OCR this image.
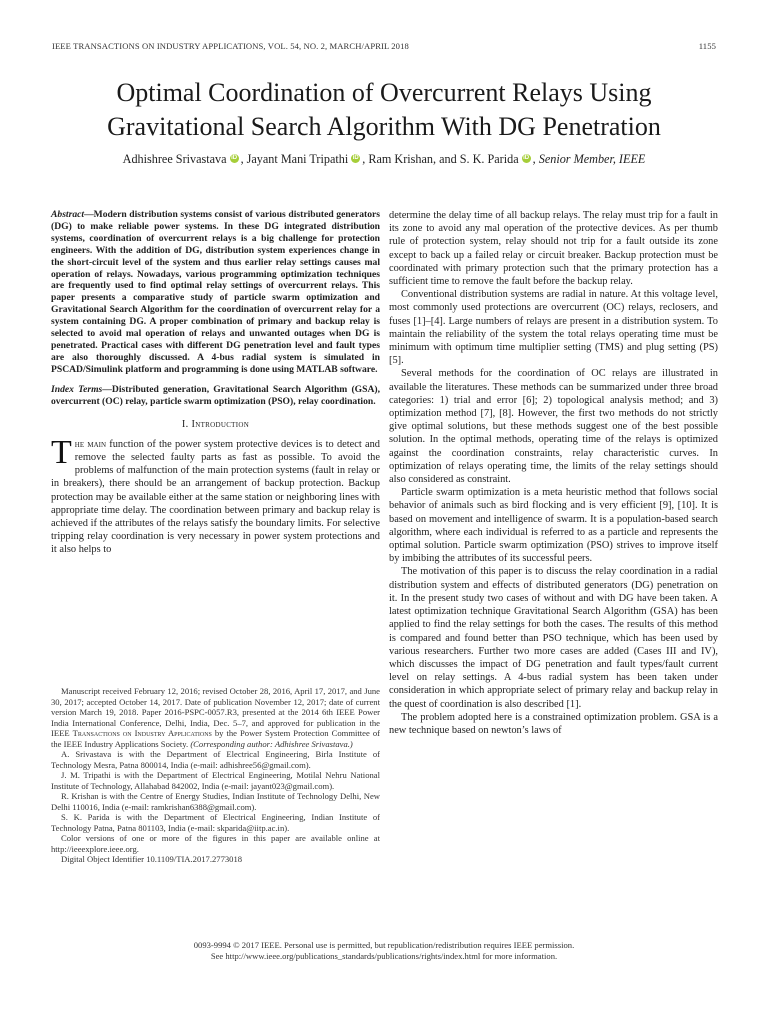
IEEE TRANSACTIONS ON INDUSTRY APPLICATIONS, VOL. 54, NO. 2, MARCH/APRIL 2018	1155
Optimal Coordination of Overcurrent Relays Using
Gravitational Search Algorithm With DG Penetration
Adhishree Srivastava iD , Jayant Mani Tripathi iD , Ram Krishan, and S. K. Parida iD , Senior Member, IEEE

Abstract—Modern distribution systems consist of various distributed generators (DG) to make reliable power systems. In these DG integrated distribution systems, coordination of overcurrent relays is a big challenge for protection engineers. With the addition of DG, distribution system experiences change in the short-circuit level of the system and thus earlier relay settings causes mal operation of relays. Nowadays, various programming optimization techniques are frequently used to find optimal relay settings of overcurrent relays. This paper presents a comparative study of particle swarm optimization and Gravitational Search Algorithm for the coordination of overcurrent relay for a system containing DG. A proper combination of primary and backup relay is selected to avoid mal operation of relays and unwanted outages when DG is penetrated. Practical cases with different DG penetration level and fault types are also thoroughly discussed. A 4-bus radial system is simulated in PSCAD/Simulink platform and programming is done using MATLAB software.

Index Terms—Distributed generation, Gravitational Search Algorithm (GSA), overcurrent (OC) relay, particle swarm optimization (PSO), relay coordination.

I. Introduction

The main function of the power system protective devices is to detect and remove the selected faulty parts as fast as possible. To avoid the problems of malfunction of the main protection systems (fault in relay or in breakers), there should be an arrangement of backup protection. Backup protection may be available either at the same station or neighboring lines with appropriate time delay. The coordination between primary and backup relay is achieved if the attributes of the relays satisfy the boundary limits. For selective tripping relay coordination is very necessary in power system protections and it also helps to

determine the delay time of all backup relays. The relay must trip for a fault in its zone to avoid any mal operation of the protective devices. As per thumb rule of protection system, relay should not trip for a fault outside its zone except to back up a failed relay or circuit breaker. Backup protection must be coordinated with primary protection such that the primary protection has a sufficient time to remove the fault before the backup relay.

Conventional distribution systems are radial in nature. At this voltage level, most commonly used protections are overcurrent (OC) relays, reclosers, and fuses [1]–[4]. Large numbers of relays are present in a distribution system. To maintain the reliability of the system the total relays operating time must be minimum with optimum time multiplier setting (TMS) and plug setting (PS) [5].

Several methods for the coordination of OC relays are illustrated in available the literatures. These methods can be summarized under three broad categories: 1) trial and error [6]; 2) topological analysis method; and 3) optimization method [7], [8]. However, the first two methods do not strictly give optimal solutions, but these methods suggest one of the best possible solution. In the optimal methods, operating time of the relays is optimized against the coordination constraints, relay characteristic curves. In optimization of relays operating time, the limits of the relay settings should also considered as constraint.

Particle swarm optimization is a meta heuristic method that follows social behavior of animals such as bird flocking and is very efficient [9], [10]. It is based on movement and intelligence of swarm. It is a population-based search algorithm, where each individual is referred to as a particle and represents the optimal solution. Particle swarm optimization (PSO) strives to improve itself by imbibing the attributes of its successful peers.

The motivation of this paper is to discuss the relay coordination in a radial distribution system and effects of distributed generators (DG) penetration on it. In the present study two cases of without and with DG have been taken. A latest optimization technique Gravitational Search Algorithm (GSA) has been applied to find the relay settings for both the cases. The results of this method is compared and found better than PSO technique, which has been used by various researchers. Further two more cases are added (Cases III and IV), which discusses the impact of DG penetration and fault types/fault current level on relay settings. A 4-bus radial system has been taken under consideration in which appropriate select of primary relay and backup relay in the quest of coordination is also described [1].

The problem adopted here is a constrained optimization problem. GSA is a new technique based on newton’s laws of

Manuscript received February 12, 2016; revised October 28, 2016, April 17, 2017, and June 30, 2017; accepted October 14, 2017. Date of publication November 12, 2017; date of current version March 19, 2018. Paper 2016-PSPC-0057.R3, presented at the 2014 6th IEEE Power India International Conference, Delhi, India, Dec. 5–7, and approved for publication in the IEEE Transactions on Industry Applications by the Power System Protection Committee of the IEEE Industry Applications Society. (Corresponding author: Adhishree Srivastava.)

A. Srivastava is with the Department of Electrical Engineering, Birla Institute of Technology Mesra, Patna 800014, India (e-mail: adhishree56@gmail.com).

J. M. Tripathi is with the Department of Electrical Engineering, Motilal Nehru National Institute of Technology, Allahabad 842002, India (e-mail: jayant023@gmail.com).

R. Krishan is with the Centre of Energy Studies, Indian Institute of Technology Delhi, New Delhi 110016, India (e-mail: ramkrishan6388@gmail.com).

S. K. Parida is with the Department of Electrical Engineering, Indian Institute of Technology Patna, Patna 801103, India (e-mail: skparida@iitp.ac.in).

Color versions of one or more of the figures in this paper are available online at http://ieeexplore.ieee.org.

Digital Object Identifier 10.1109/TIA.2017.2773018

0093-9994 © 2017 IEEE. Personal use is permitted, but republication/redistribution requires IEEE permission.
See http://www.ieee.org/publications_standards/publications/rights/index.html for more information.
